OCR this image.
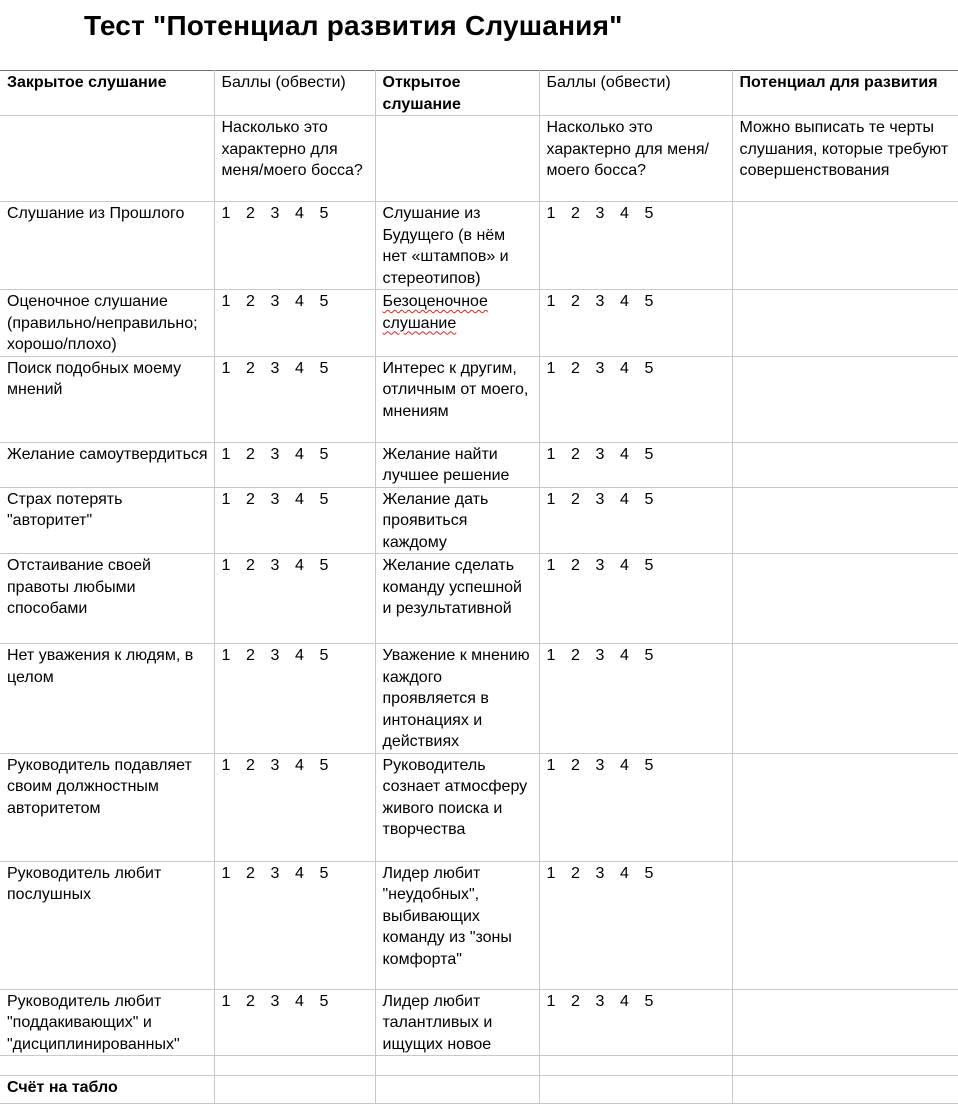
Тест "Потенциал развития Слушания"
Закрытое слушание	Баллы (обвести)	Открытое слушание	Баллы (обвести)	Потенциал для развития
	Насколько это характерно для меня/моего босса?		Насколько это характерно для меня/моего босса?	Можно выписать те черты слушания, которые требуют совершенствования
Слушание из Прошлого	1 2 3 4 5	Слушание из Будущего (в нём нет «штампов» и стереотипов)	1 2 3 4 5	

Оценочное слушание (правильно/неправильно; хорошо/плохо)	1 2 3 4 5	Безоценочное слушание	1 2 3 4 5	

Поиск подобных моему мнений	1 2 3 4 5	Интерес к другим, отличным от моего, мнениям	1 2 3 4 5	

Желание самоутвердиться	1 2 3 4 5	Желание найти лучшее решение	1 2 3 4 5	

Страх потерять "авторитет"	1 2 3 4 5	Желание дать проявиться каждому	1 2 3 4 5	

Отстаивание своей правоты любыми способами	1 2 3 4 5	Желание сделать команду успешной и результативной	1 2 3 4 5	

Нет уважения к людям, в целом	1 2 3 4 5	Уважение к мнению каждого проявляется в интонациях и действиях	1 2 3 4 5	

Руководитель подавляет своим должностным авторитетом	1 2 3 4 5	Руководитель сознает атмосферу живого поиска и творчества	1 2 3 4 5	

Руководитель любит послушных	1 2 3 4 5	Лидер любит "неудобных", выбивающих команду из "зоны комфорта"	1 2 3 4 5	

Руководитель любит "поддакивающих" и "дисциплинированных"	1 2 3 4 5	Лидер любит талантливых и ищущих новое	1 2 3 4 5	

Счёт на табло				
